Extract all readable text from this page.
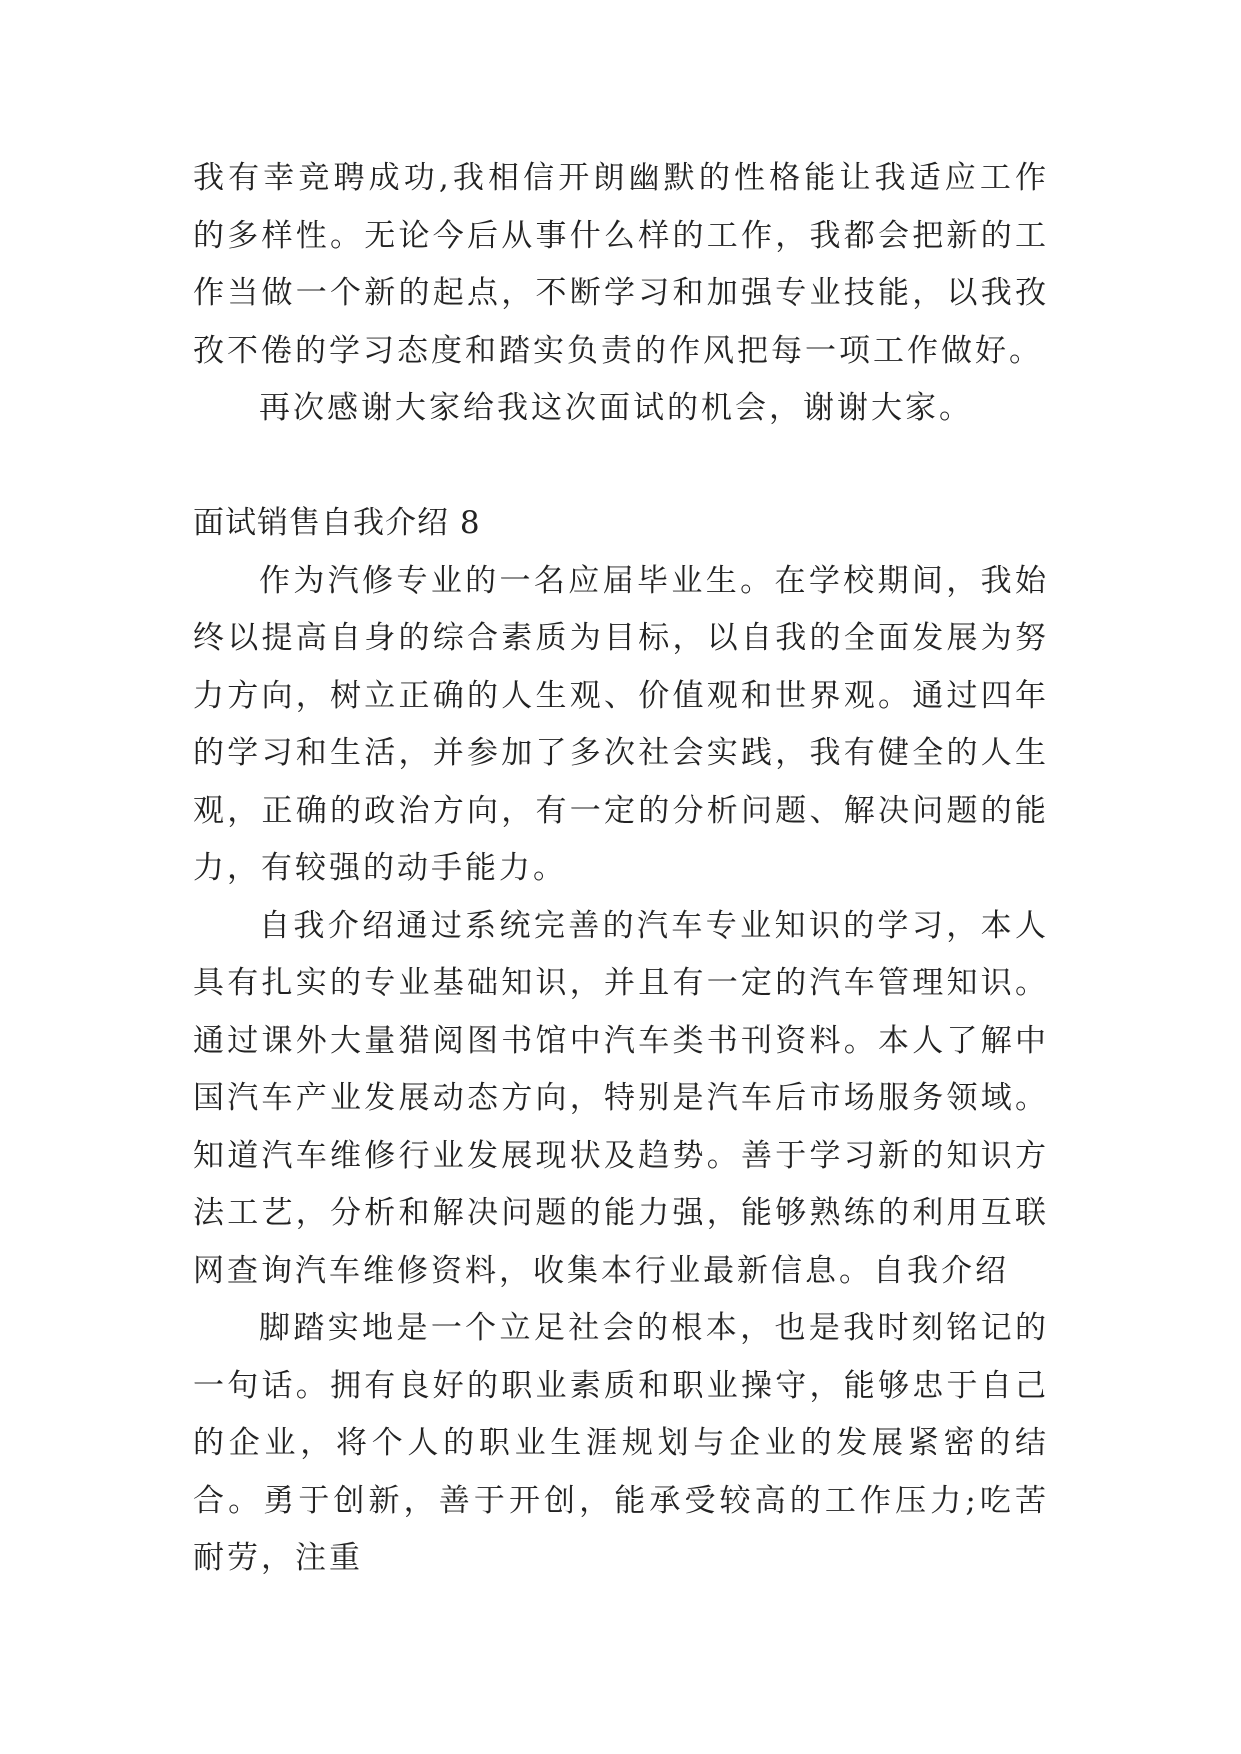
我有幸竞聘成功,我相信开朗幽默的性格能让我适应工作的多样性。无论今后从事什么样的工作，我都会把新的工作当做一个新的起点，不断学习和加强专业技能，以我孜孜不倦的学习态度和踏实负责的作风把每一项工作做好。

再次感谢大家给我这次面试的机会，谢谢大家。

面试销售自我介绍 8

作为汽修专业的一名应届毕业生。在学校期间，我始终以提高自身的综合素质为目标，以自我的全面发展为努力方向，树立正确的人生观、价值观和世界观。通过四年的学习和生活，并参加了多次社会实践，我有健全的人生观，正确的政治方向，有一定的分析问题、解决问题的能力，有较强的动手能力。

自我介绍通过系统完善的汽车专业知识的学习，本人具有扎实的专业基础知识，并且有一定的汽车管理知识。通过课外大量猎阅图书馆中汽车类书刊资料。本人了解中国汽车产业发展动态方向，特别是汽车后市场服务领域。知道汽车维修行业发展现状及趋势。善于学习新的知识方法工艺，分析和解决问题的能力强，能够熟练的利用互联网查询汽车维修资料，收集本行业最新信息。自我介绍

脚踏实地是一个立足社会的根本，也是我时刻铭记的一句话。拥有良好的职业素质和职业操守，能够忠于自己的企业，将个人的职业生涯规划与企业的发展紧密的结合。勇于创新，善于开创，能承受较高的工作压力;吃苦耐劳，注重
